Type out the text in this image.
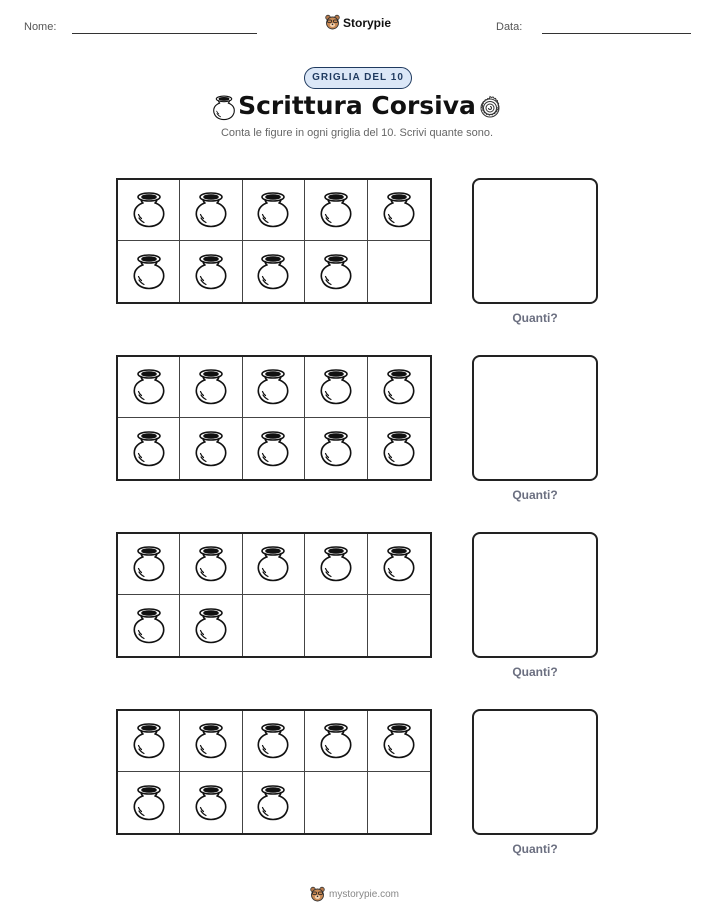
Nome:	Storypie	Data:
GRIGLIA DEL 10
Scrittura Corsiva
Conta le figure in ogni griglia del 10. Scrivi quante sono.
Quanti?
Quanti?
Quanti?
Quanti?
mystorypie.com
